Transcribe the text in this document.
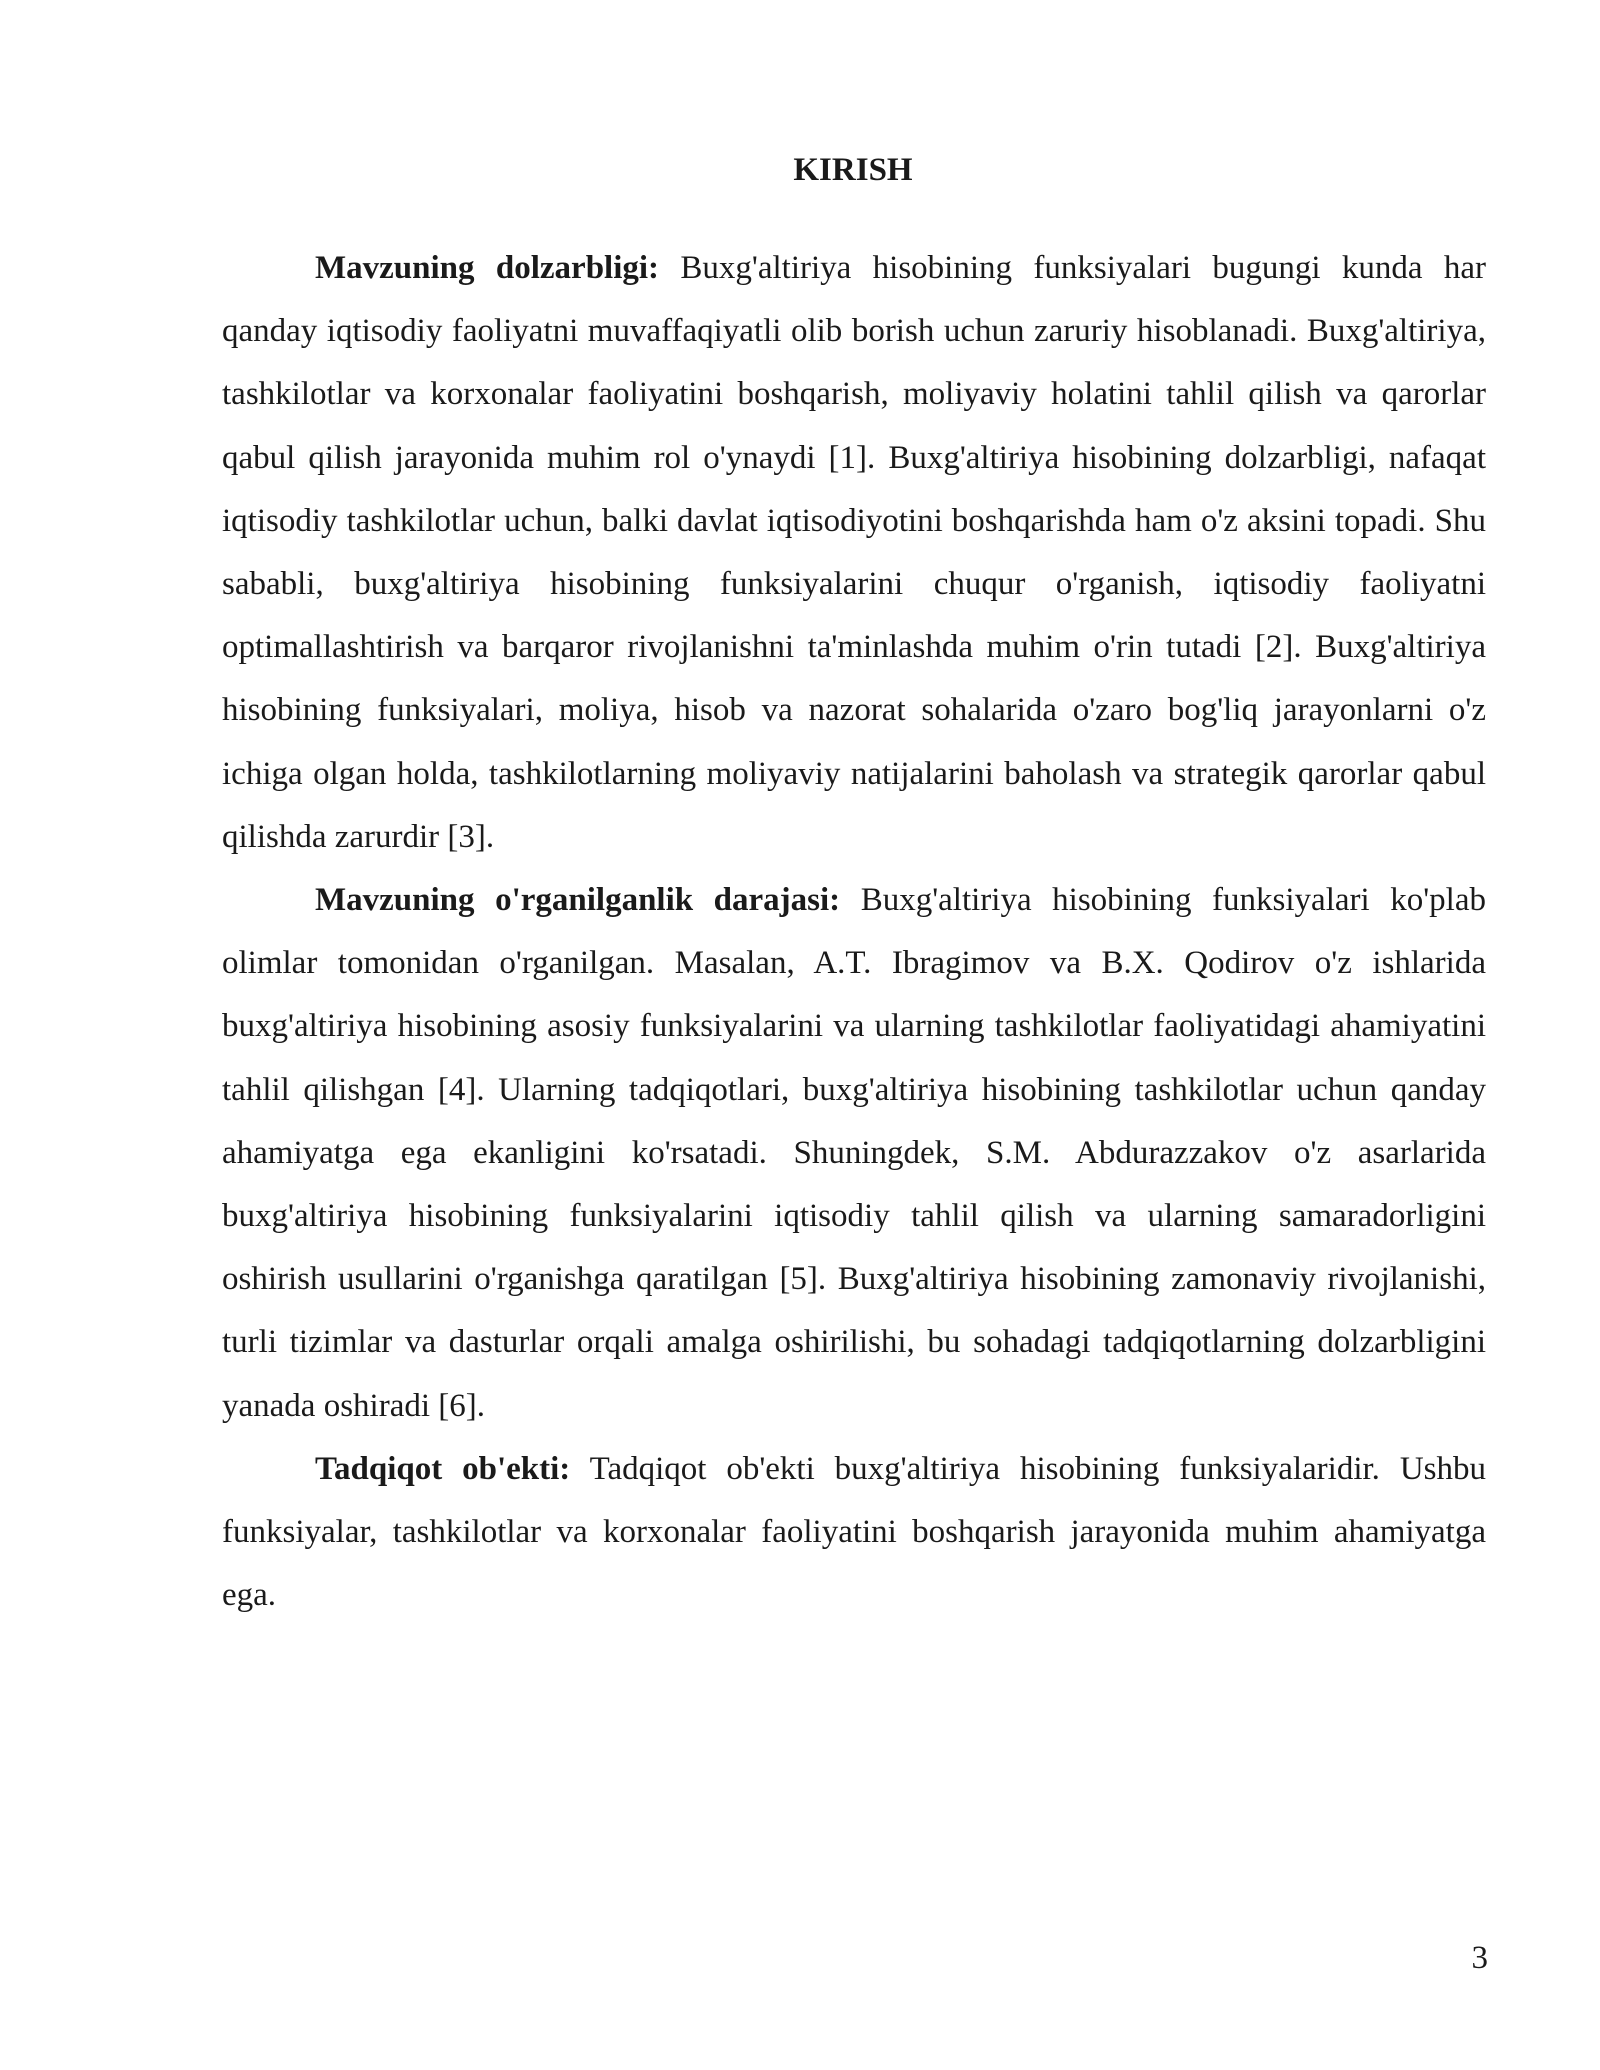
KIRISH

Mavzuning dolzarbligi: Buxg'altiriya hisobining funksiyalari bugungi kunda har qanday iqtisodiy faoliyatni muvaffaqiyatli olib borish uchun zaruriy hisoblanadi. Buxg'altiriya, tashkilotlar va korxonalar faoliyatini boshqarish, moliyaviy holatini tahlil qilish va qarorlar qabul qilish jarayonida muhim rol o'ynaydi [1]. Buxg'altiriya hisobining dolzarbligi, nafaqat iqtisodiy tashkilotlar uchun, balki davlat iqtisodiyotini boshqarishda ham o'z aksini topadi. Shu sababli, buxg'altiriya hisobining funksiyalarini chuqur o'rganish, iqtisodiy faoliyatni optimallashtirish va barqaror rivojlanishni ta'minlashda muhim o'rin tutadi [2]. Buxg'altiriya hisobining funksiyalari, moliya, hisob va nazorat sohalarida o'zaro bog'liq jarayonlarni o'z ichiga olgan holda, tashkilotlarning moliyaviy natijalarini baholash va strategik qarorlar qabul qilishda zarurdir [3].

Mavzuning o'rganilganlik darajasi: Buxg'altiriya hisobining funksiyalari ko'plab olimlar tomonidan o'rganilgan. Masalan, A.T. Ibragimov va B.X. Qodirov o'z ishlarida buxg'altiriya hisobining asosiy funksiyalarini va ularning tashkilotlar faoliyatidagi ahamiyatini tahlil qilishgan [4]. Ularning tadqiqotlari, buxg'altiriya hisobining tashkilotlar uchun qanday ahamiyatga ega ekanligini ko'rsatadi. Shuningdek, S.M. Abdurazzakov o'z asarlarida buxg'altiriya hisobining funksiyalarini iqtisodiy tahlil qilish va ularning samaradorligini oshirish usullarini o'rganishga qaratilgan [5]. Buxg'altiriya hisobining zamonaviy rivojlanishi, turli tizimlar va dasturlar orqali amalga oshirilishi, bu sohadagi tadqiqotlarning dolzarbligini yanada oshiradi [6].

Tadqiqot ob'ekti: Tadqiqot ob'ekti buxg'altiriya hisobining funksiyalaridir. Ushbu funksiyalar, tashkilotlar va korxonalar faoliyatini boshqarish jarayonida muhim ahamiyatga ega.

3
